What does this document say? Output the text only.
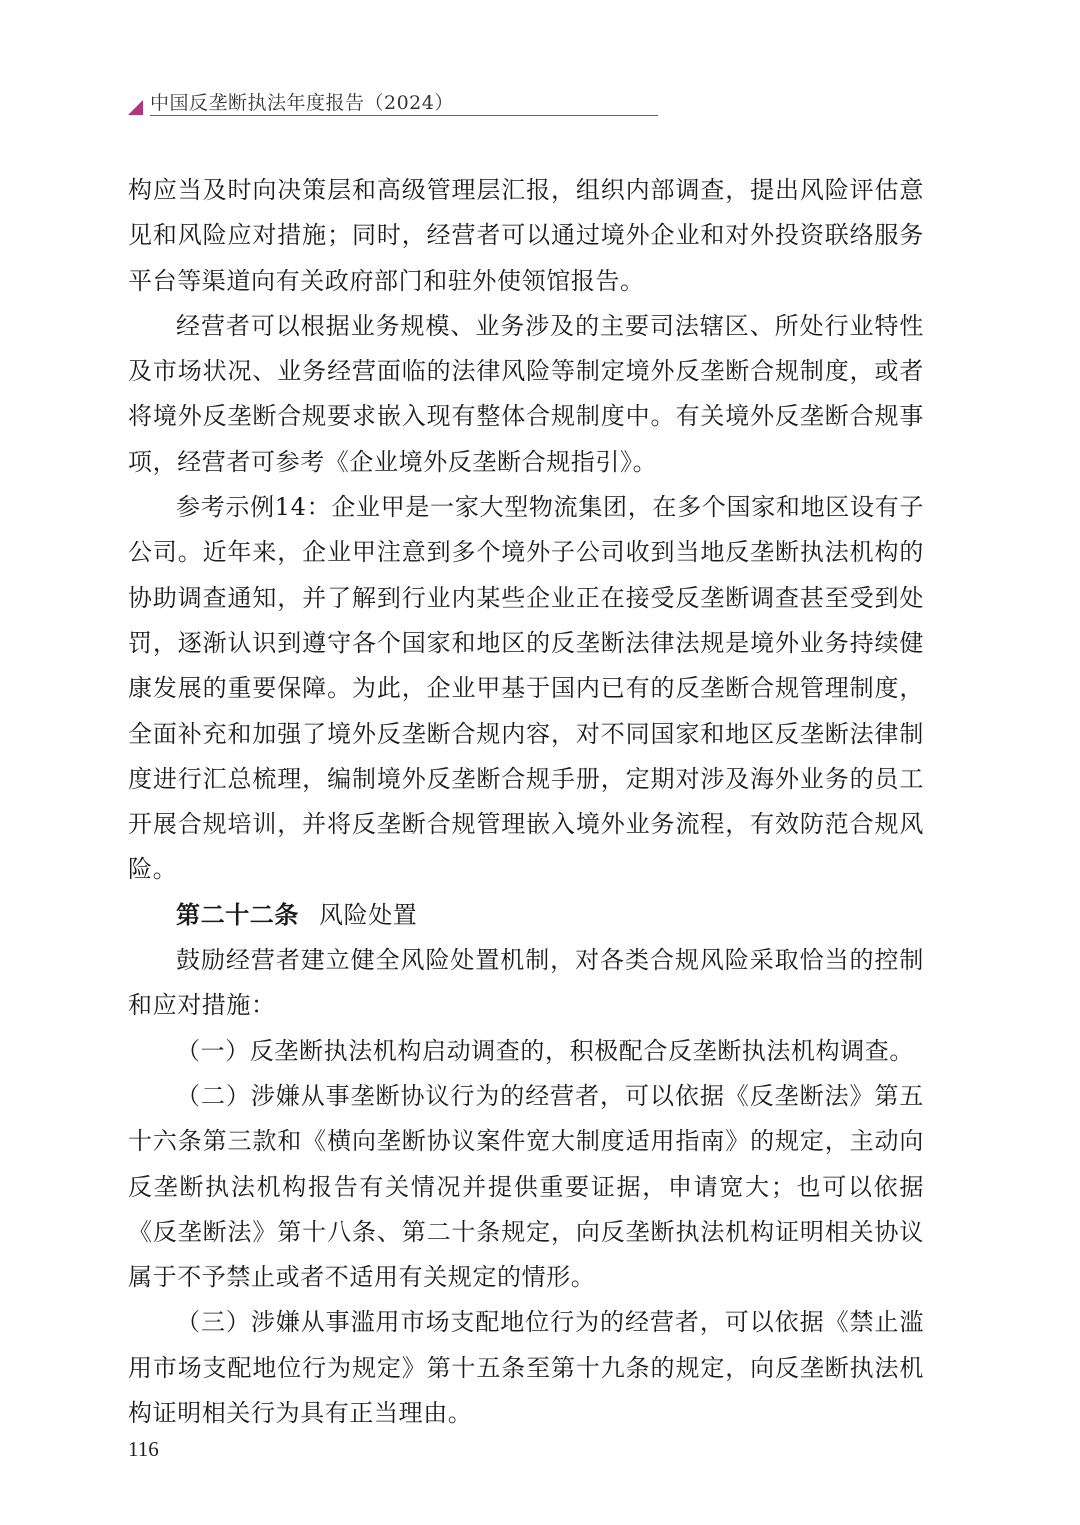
中国反垄断执法年度报告（2024）

构应当及时向决策层和高级管理层汇报，组织内部调查，提出风险评估意见和风险应对措施；同时，经营者可以通过境外企业和对外投资联络服务平台等渠道向有关政府部门和驻外使领馆报告。

经营者可以根据业务规模、业务涉及的主要司法辖区、所处行业特性及市场状况、业务经营面临的法律风险等制定境外反垄断合规制度，或者将境外反垄断合规要求嵌入现有整体合规制度中。有关境外反垄断合规事项，经营者可参考《企业境外反垄断合规指引》。

参考示例14：企业甲是一家大型物流集团，在多个国家和地区设有子公司。近年来，企业甲注意到多个境外子公司收到当地反垄断执法机构的协助调查通知，并了解到行业内某些企业正在接受反垄断调查甚至受到处罚，逐渐认识到遵守各个国家和地区的反垄断法律法规是境外业务持续健康发展的重要保障。为此，企业甲基于国内已有的反垄断合规管理制度，全面补充和加强了境外反垄断合规内容，对不同国家和地区反垄断法律制度进行汇总梳理，编制境外反垄断合规手册，定期对涉及海外业务的员工开展合规培训，并将反垄断合规管理嵌入境外业务流程，有效防范合规风险。

第二十二条 风险处置

鼓励经营者建立健全风险处置机制，对各类合规风险采取恰当的控制和应对措施：

（一）反垄断执法机构启动调查的，积极配合反垄断执法机构调查。

（二）涉嫌从事垄断协议行为的经营者，可以依据《反垄断法》第五十六条第三款和《横向垄断协议案件宽大制度适用指南》的规定，主动向反垄断执法机构报告有关情况并提供重要证据，申请宽大；也可以依据《反垄断法》第十八条、第二十条规定，向反垄断执法机构证明相关协议属于不予禁止或者不适用有关规定的情形。

（三）涉嫌从事滥用市场支配地位行为的经营者，可以依据《禁止滥用市场支配地位行为规定》第十五条至第十九条的规定，向反垄断执法机构证明相关行为具有正当理由。

116
